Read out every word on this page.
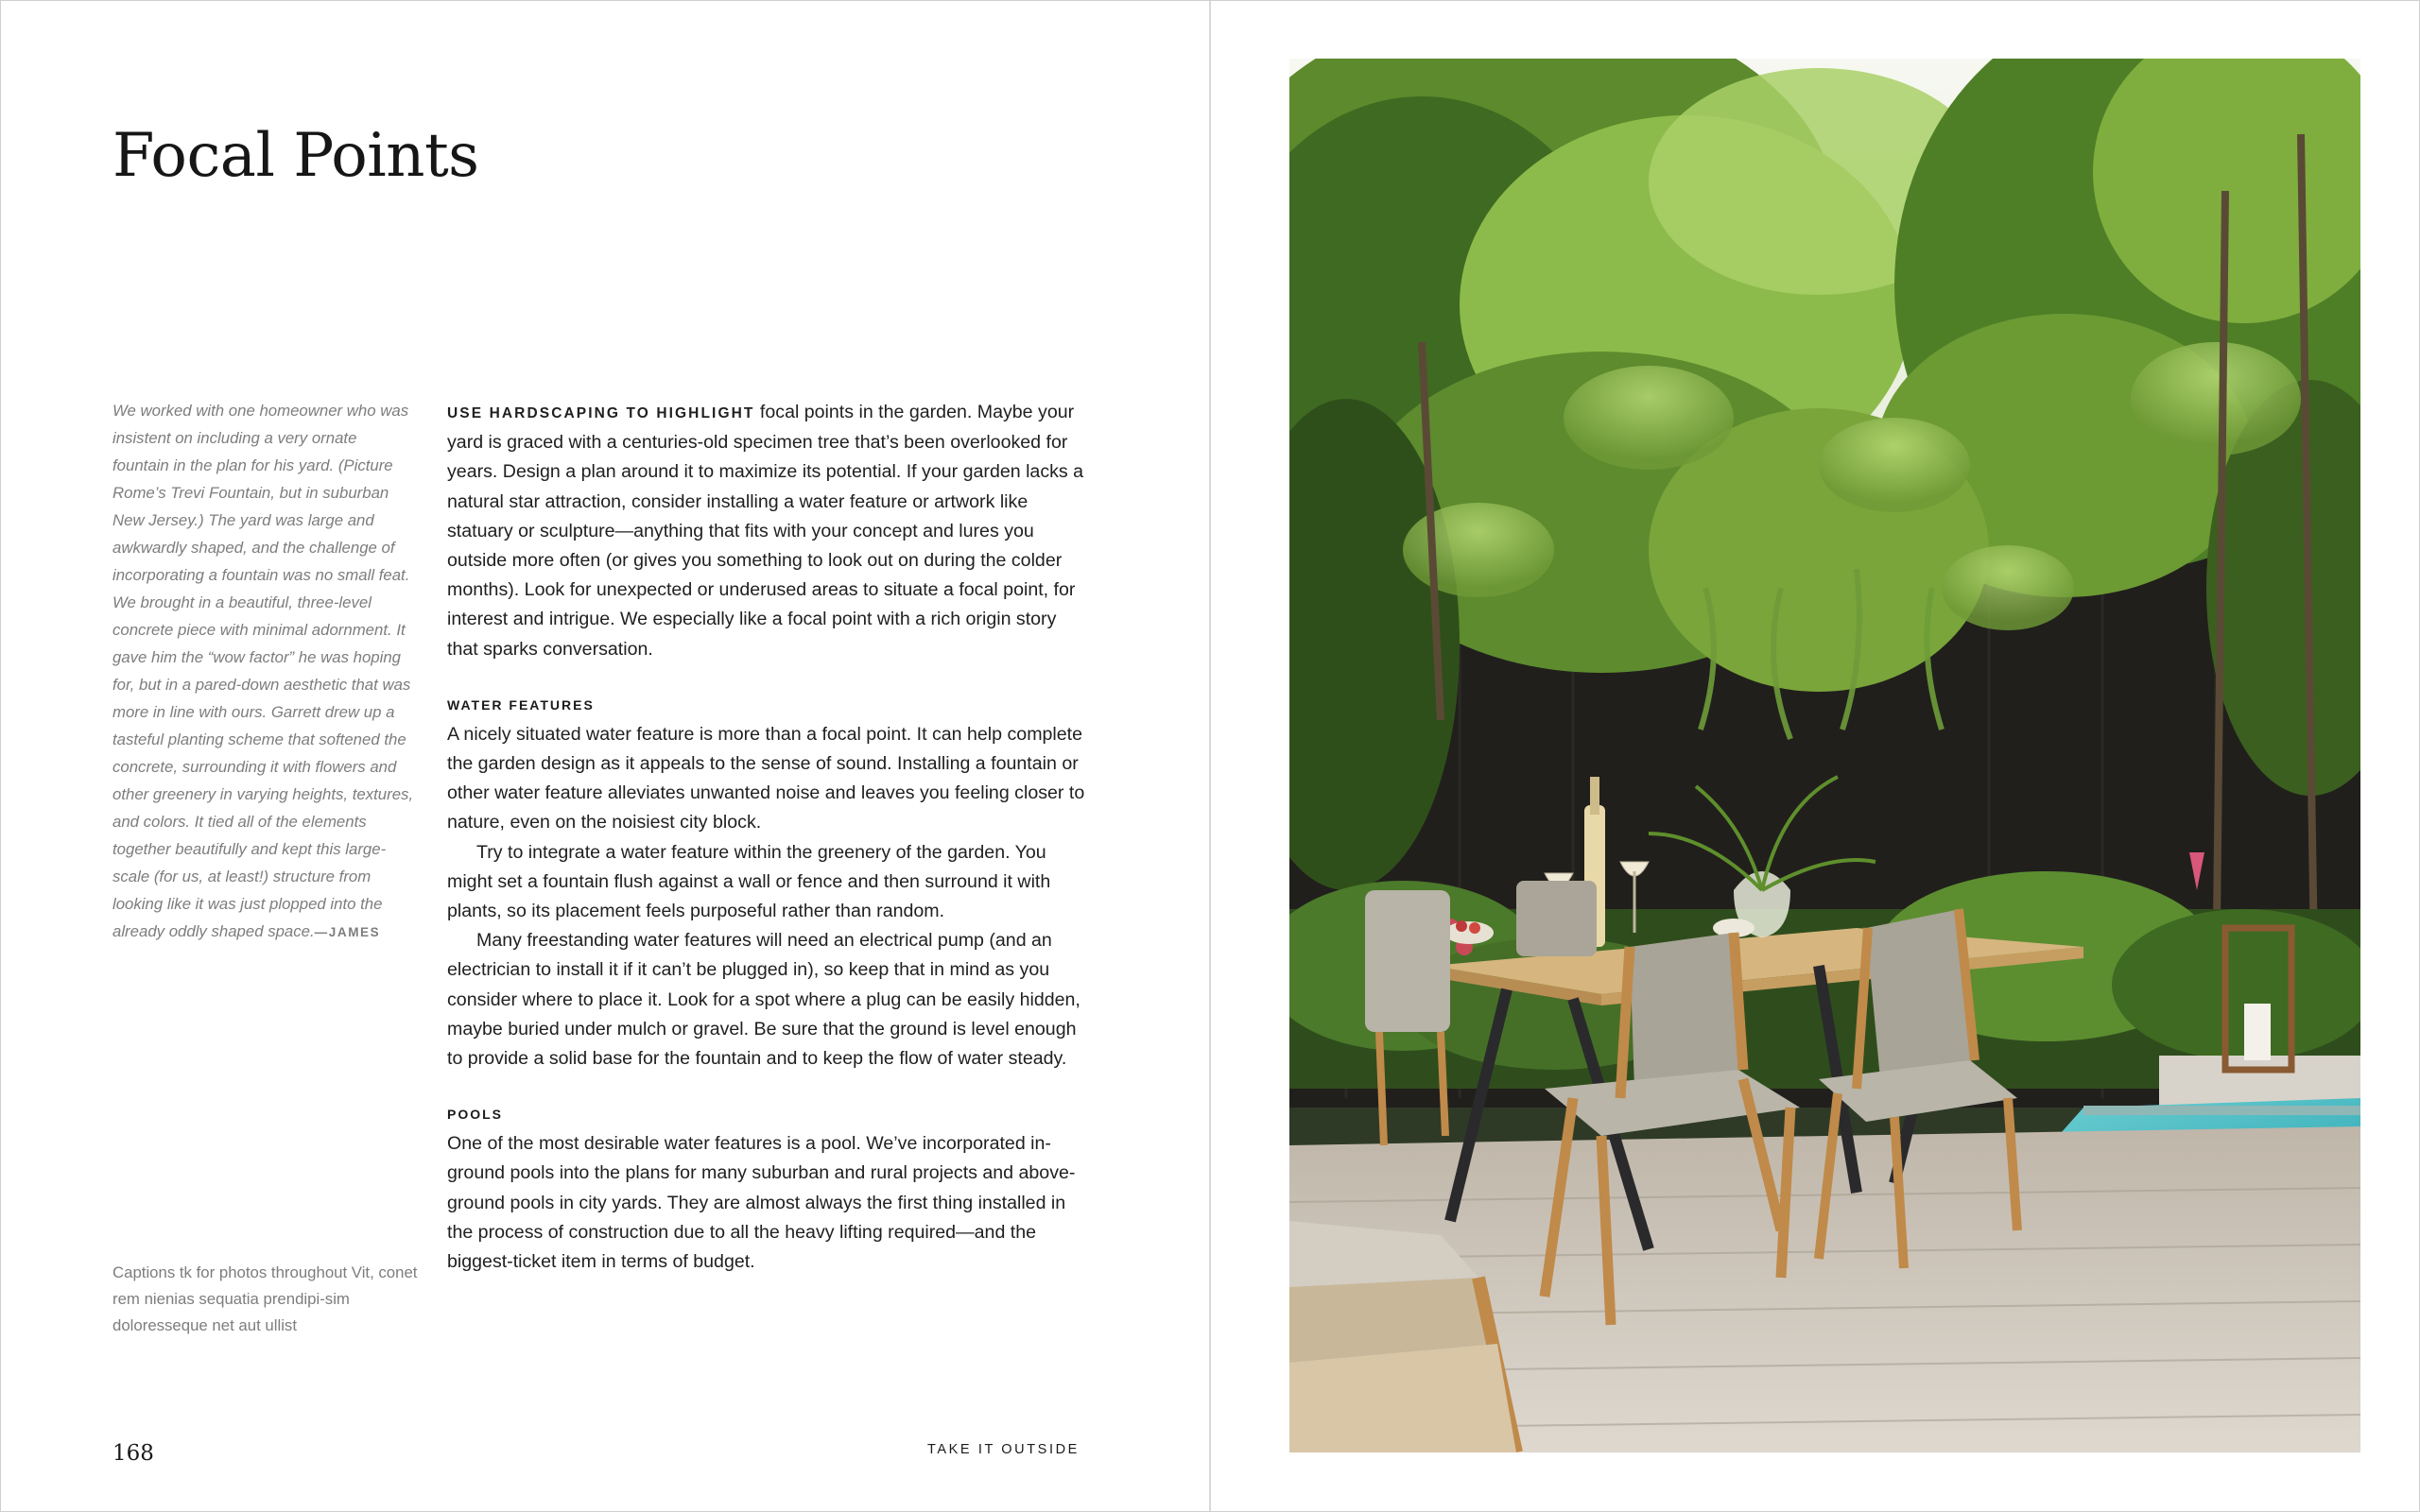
Focal Points
We worked with one homeowner who was insistent on including a very ornate fountain in the plan for his yard. (Picture Rome’s Trevi Fountain, but in suburban New Jersey.) The yard was large and awkwardly shaped, and the challenge of incorporating a fountain was no small feat. We brought in a beautiful, three-level concrete piece with minimal adornment. It gave him the “wow factor” he was hoping for, but in a pared-down aesthetic that was more in line with ours. Garrett drew up a tasteful planting scheme that softened the concrete, surrounding it with flowers and other greenery in varying heights, textures, and colors. It tied all of the elements together beautifully and kept this large-scale (for us, at least!) structure from looking like it was just plopped into the already oddly shaped space.—JAMES
Captions tk for photos throughout Vit, conet rem nienias sequatia prendipi-sim doloresseque net aut ullist

USE HARDSCAPING TO HIGHLIGHT focal points in the garden. Maybe your yard is graced with a centuries-old specimen tree that’s been overlooked for years. Design a plan around it to maximize its potential. If your garden lacks a natural star attraction, consider installing a water feature or artwork like statuary or sculpture—anything that fits with your concept and lures you outside more often (or gives you something to look out on during the colder months). Look for unexpected or underused areas to situate a focal point, for interest and intrigue. We especially like a focal point with a rich origin story that sparks conversation.

WATER FEATURES

A nicely situated water feature is more than a focal point. It can help complete the garden design as it appeals to the sense of sound. Installing a fountain or other water feature alleviates unwanted noise and leaves you feeling closer to nature, even on the noisiest city block.

Try to integrate a water feature within the greenery of the garden. You might set a fountain flush against a wall or fence and then surround it with plants, so its placement feels purposeful rather than random.

Many freestanding water features will need an electrical pump (and an electrician to install it if it can’t be plugged in), so keep that in mind as you consider where to place it. Look for a spot where a plug can be easily hidden, maybe buried under mulch or gravel. Be sure that the ground is level enough to provide a solid base for the fountain and to keep the flow of water steady.

POOLS

One of the most desirable water features is a pool. We’ve incorporated in-ground pools into the plans for many suburban and rural projects and above-ground pools in city yards. They are almost always the first thing installed in the process of construction due to all the heavy lifting required—and the biggest-ticket item in terms of budget.

168	TAKE IT OUTSIDE
